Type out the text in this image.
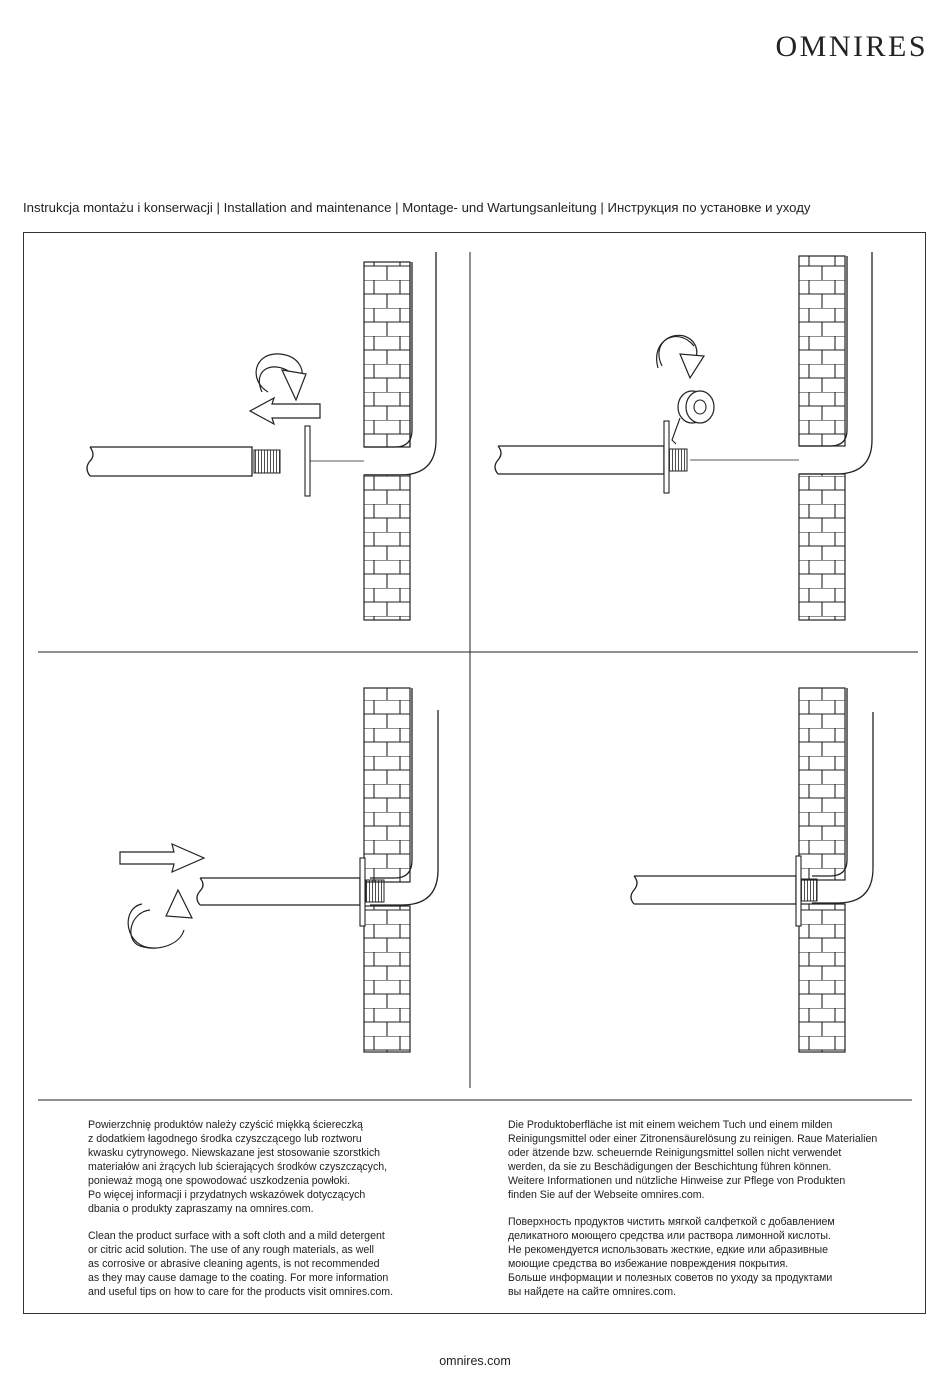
OMNIRES
Instrukcja montażu i konserwacji | Installation and maintenance | Montage- und Wartungsanleitung | Инструкция по установке и уходу
Powierzchnię produktów należy czyścić miękką ściereczką
z dodatkiem łagodnego środka czyszczącego lub roztworu
kwasku cytrynowego. Niewskazane jest stosowanie szorstkich
materiałów ani żrących lub ścierających środków czyszczących,
ponieważ mogą one spowodować uszkodzenia powłoki.
Po więcej informacji i przydatnych wskazówek dotyczących
dbania o produkty zapraszamy na omnires.com.
Clean the product surface with a soft cloth and a mild detergent
or citric acid solution. The use of any rough materials, as well
as corrosive or abrasive cleaning agents, is not recommended
as they may cause damage to the coating. For more information
and useful tips on how to care for the products visit omnires.com.
Die Produktoberfläche ist mit einem weichem Tuch und einem milden
Reinigungsmittel oder einer Zitronensäurelösung zu reinigen. Raue Materialien
oder ätzende bzw. scheuernde Reinigungsmittel sollen nicht verwendet
werden, da sie zu Beschädigungen der Beschichtung führen können.
Weitere Informationen und nützliche Hinweise zur Pflege von Produkten
finden Sie auf der Webseite omnires.com.
Поверхность продуктов чистить мягкой салфеткой с добавлением
деликатного моющего средства или раствора лимонной кислоты.
Не рекомендуется использовать жесткие, едкие или абразивные
моющие средства во избежание повреждения покрытия.
Больше информации и полезных советов по уходу за продуктами
вы найдете на сайте omnires.com.
omnires.com
